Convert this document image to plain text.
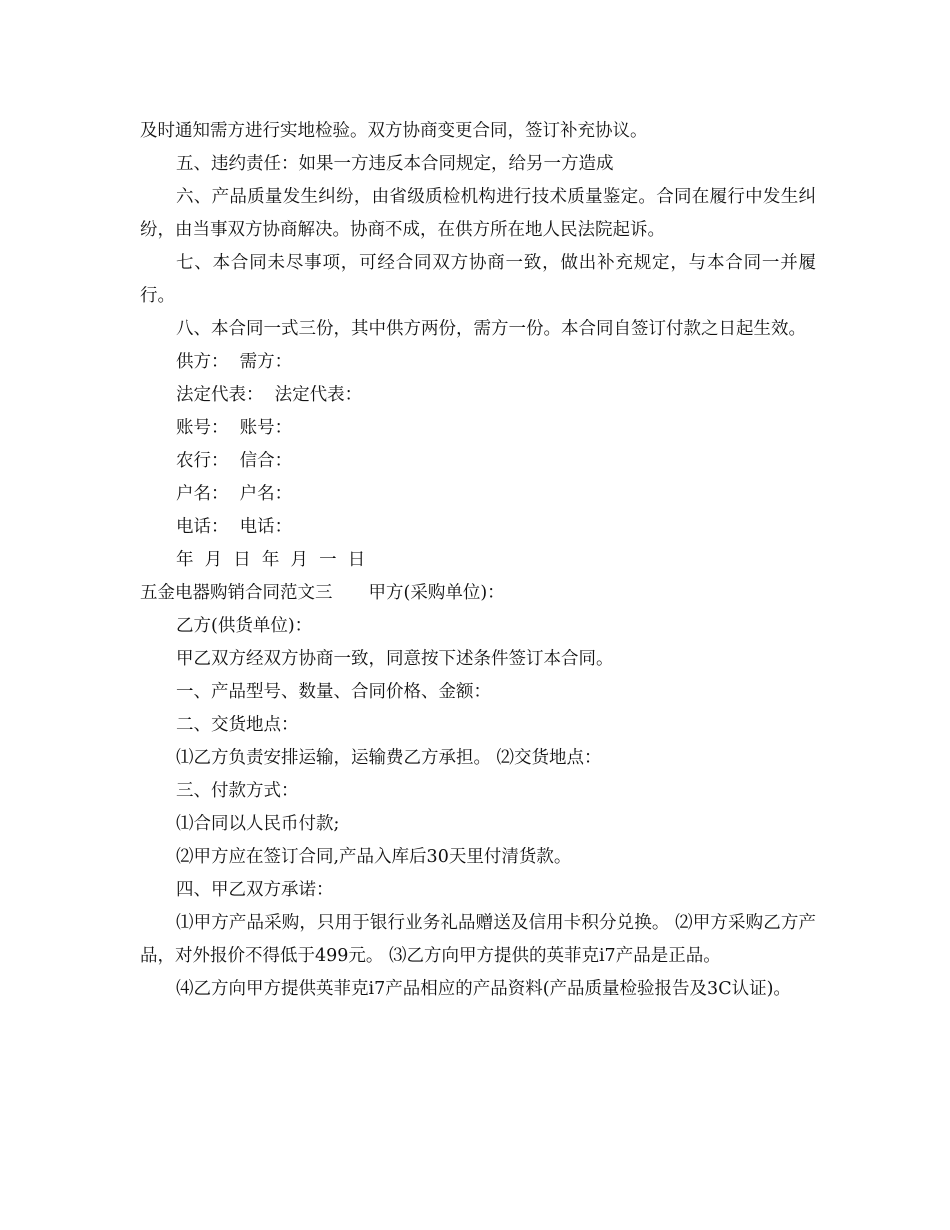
及时通知需方进行实地检验。双方协商变更合同，签订补充协议。

五、违约责任：如果一方违反本合同规定，给另一方造成

六、产品质量发生纠纷，由省级质检机构进行技术质量鉴定。合同在履行中发生纠纷，由当事双方协商解决。协商不成，在供方所在地人民法院起诉。

七、本合同未尽事项，可经合同双方协商一致，做出补充规定，与本合同一并履行。

八、本合同一式三份，其中供方两份，需方一份。本合同自签订付款之日起生效。

供方：  需方：
法定代表：  法定代表：
账号：  账号：
农行：  信合：
户名：  户名：
电话：  电话：
年  月  日  年  月  一  日
五金电器购销合同范文三 甲方(采购单位)：
乙方(供货单位)：
甲乙双方经双方协商一致，同意按下述条件签订本合同。
一、产品型号、数量、合同价格、金额：
二、交货地点：
⑴乙方负责安排运输，运输费乙方承担。 ⑵交货地点：
三、付款方式：
⑴合同以人民币付款;
⑵甲方应在签订合同,产品入库后30天里付清货款。
四、甲乙双方承诺：

⑴甲方产品采购，只用于银行业务礼品赠送及信用卡积分兑换。 ⑵甲方采购乙方产品，对外报价不得低于499元。 ⑶乙方向甲方提供的英菲克i7产品是正品。

⑷乙方向甲方提供英菲克i7产品相应的产品资料(产品质量检验报告及3C认证)。
